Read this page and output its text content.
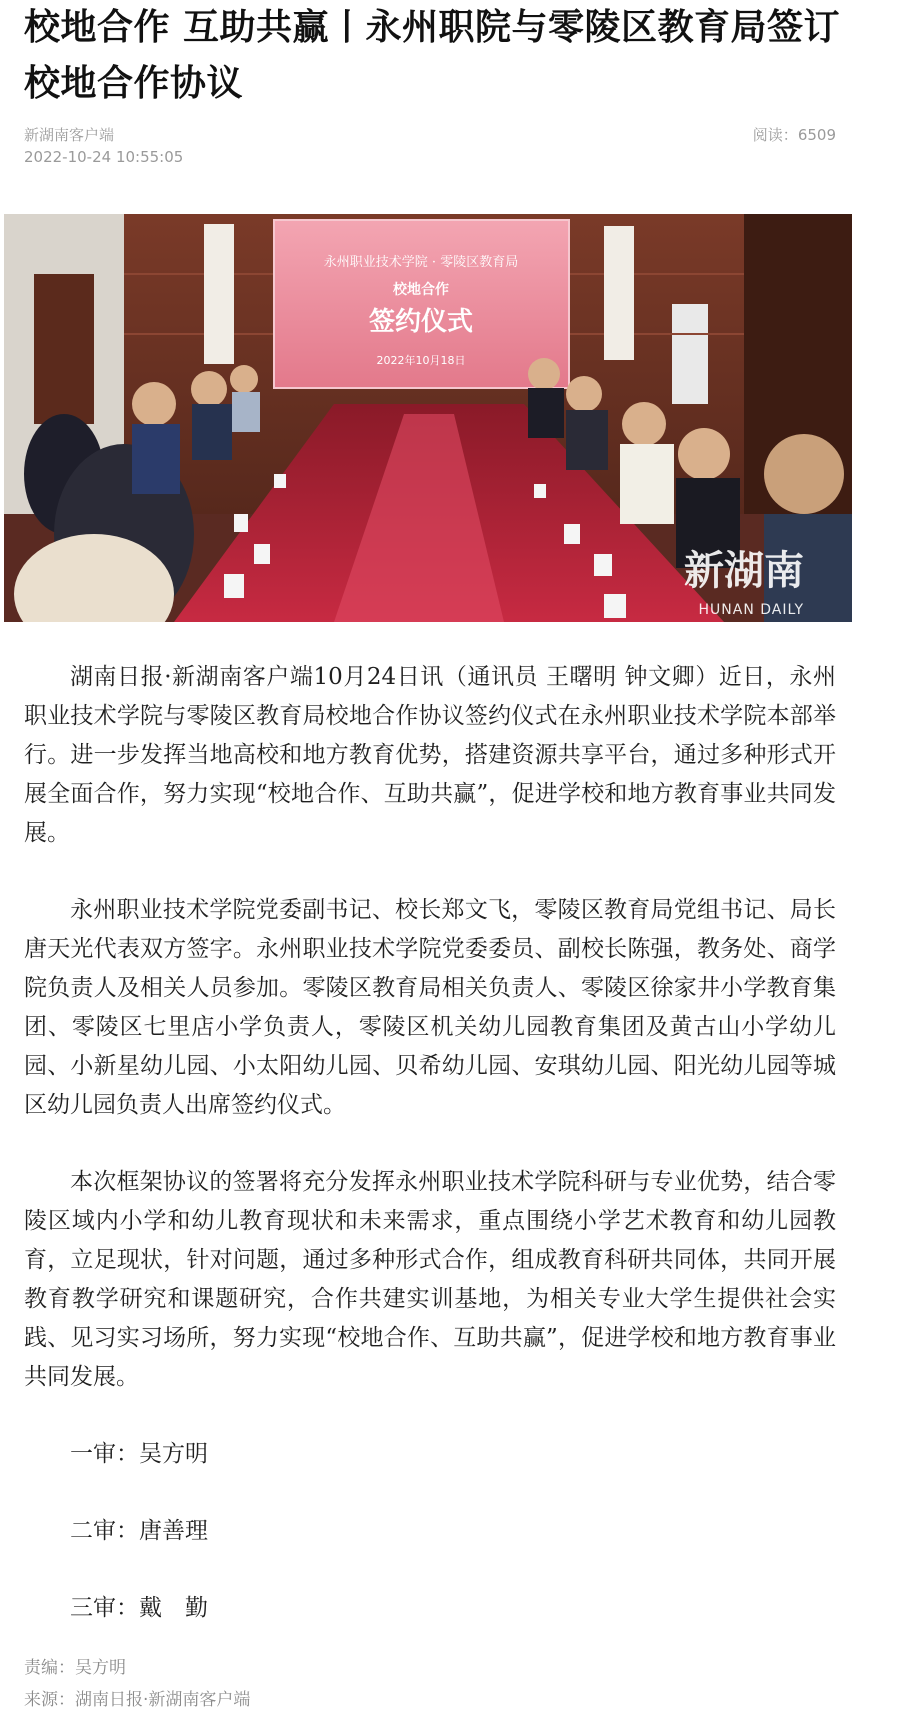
校地合作 互助共赢丨永州职院与零陵区教育局签订校地合作协议
新湖南客户端
2022-10-24 10:55:05
阅读：6509
永州职业技术学院 · 零陵区教育局
校地合作
签约仪式
2022年10月18日
新湖南
HUNAN DAILY

湖南日报·新湖南客户端10月24日讯（通讯员 王曙明 钟文卿）近日，永州职业技术学院与零陵区教育局校地合作协议签约仪式在永州职业技术学院本部举行。进一步发挥当地高校和地方教育优势，搭建资源共享平台，通过多种形式开展全面合作，努力实现“校地合作、互助共赢”，促进学校和地方教育事业共同发展。

永州职业技术学院党委副书记、校长郑文飞，零陵区教育局党组书记、局长唐天光代表双方签字。永州职业技术学院党委委员、副校长陈强，教务处、商学院负责人及相关人员参加。零陵区教育局相关负责人、零陵区徐家井小学教育集团、零陵区七里店小学负责人，零陵区机关幼儿园教育集团及黄古山小学幼儿园、小新星幼儿园、小太阳幼儿园、贝希幼儿园、安琪幼儿园、阳光幼儿园等城区幼儿园负责人出席签约仪式。

本次框架协议的签署将充分发挥永州职业技术学院科研与专业优势，结合零陵区域内小学和幼儿教育现状和未来需求，重点围绕小学艺术教育和幼儿园教育，立足现状，针对问题，通过多种形式合作，组成教育科研共同体，共同开展教育教学研究和课题研究，合作共建实训基地，为相关专业大学生提供社会实践、见习实习场所，努力实现“校地合作、互助共赢”，促进学校和地方教育事业共同发展。

一审：吴方明
二审：唐善理
三审：戴　勤
责编：吴方明
来源：湖南日报·新湖南客户端
